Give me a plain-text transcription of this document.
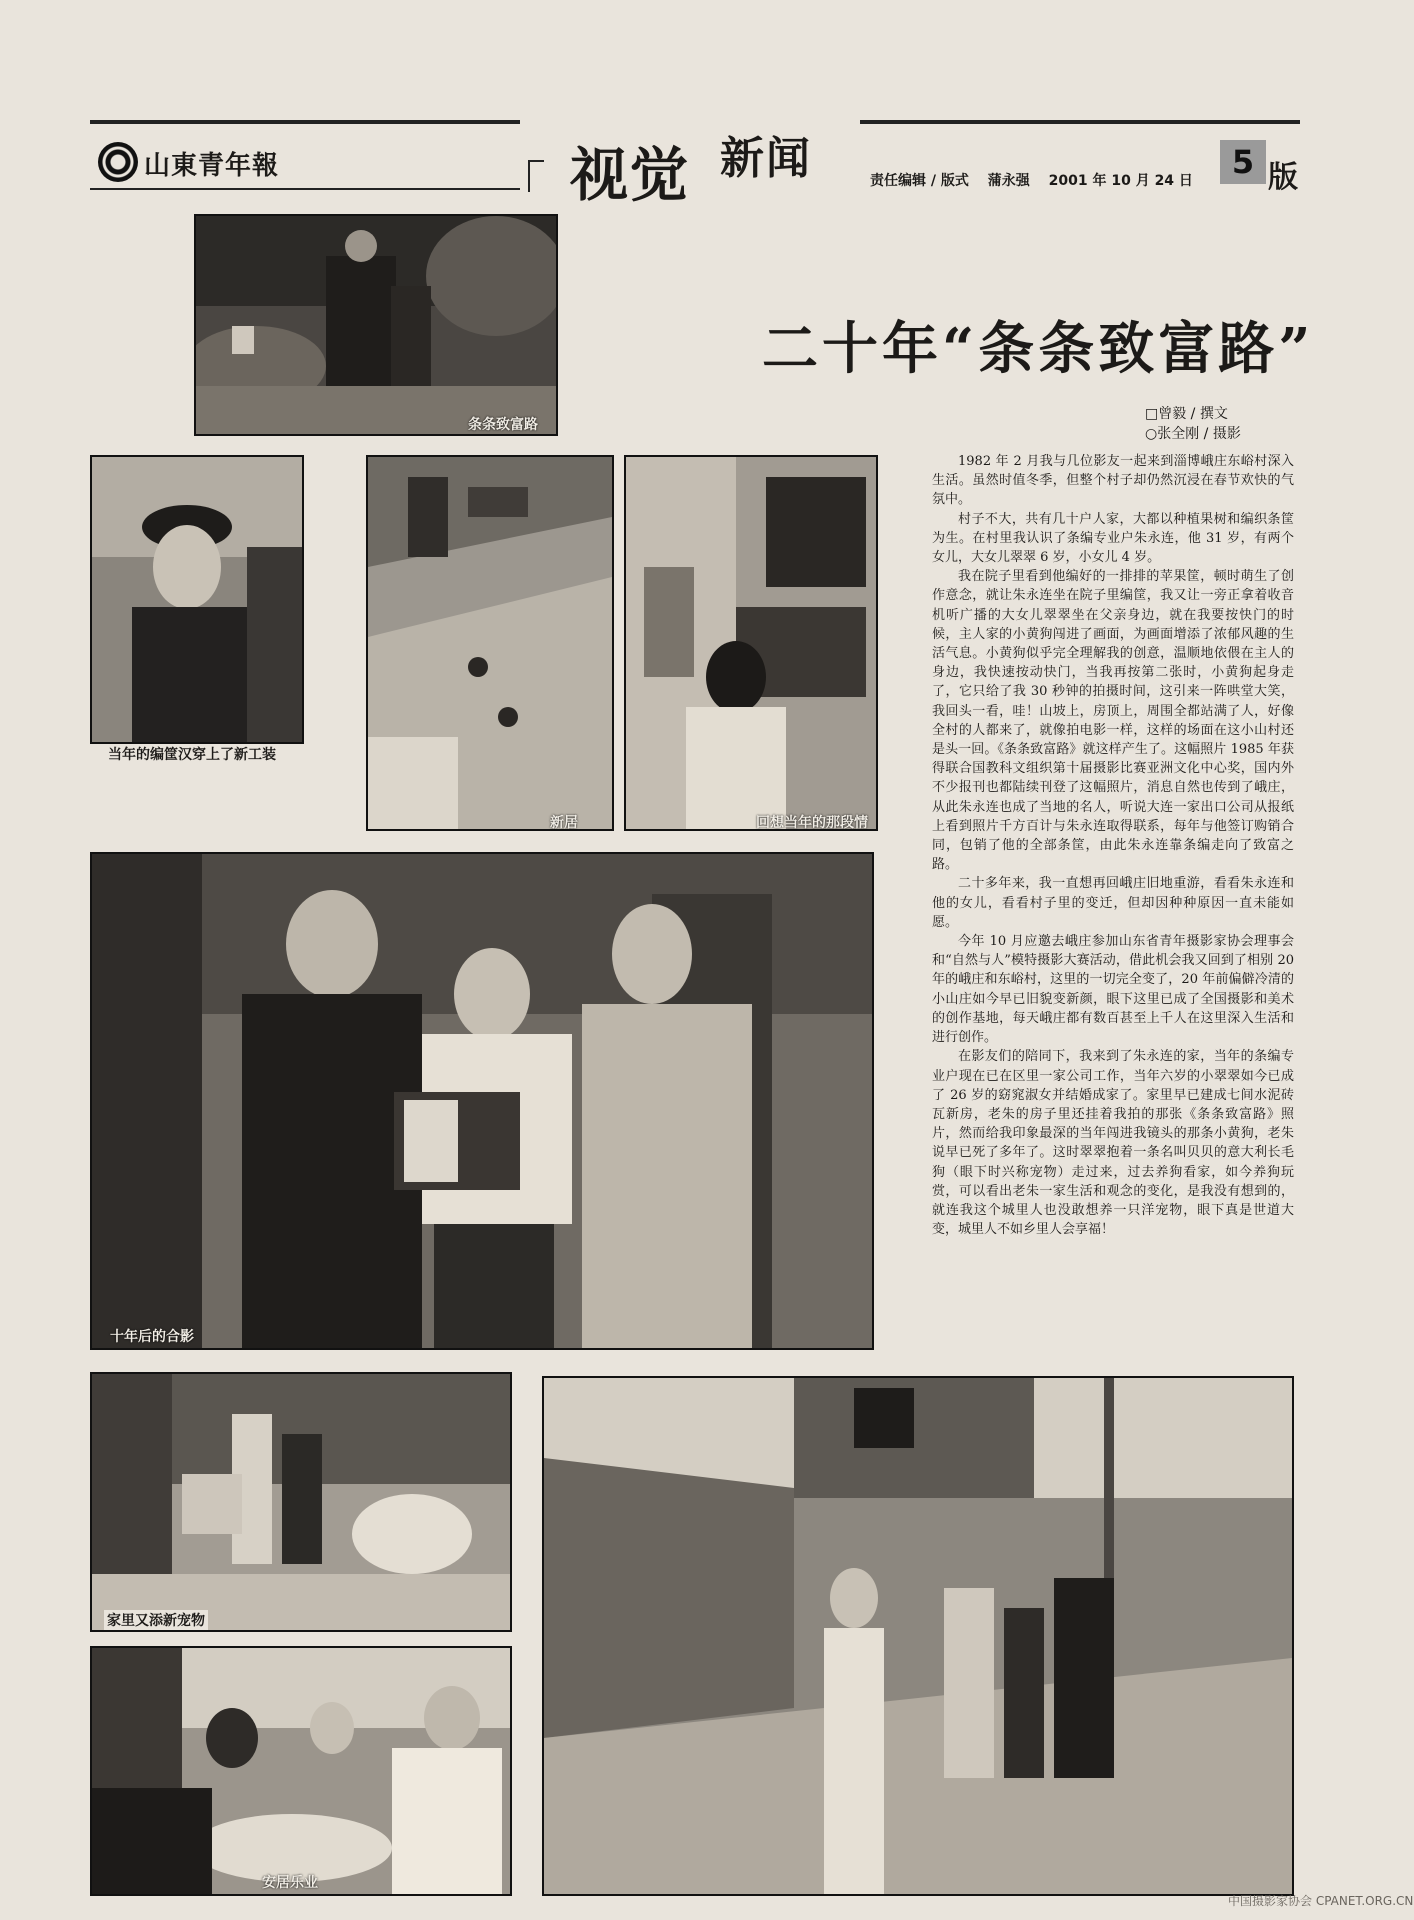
山東青年報	视觉 新闻	责任编辑 / 版式 蒲永强 2001 年 10 月 24 日	5 版
二十年“条条致富路”
□曾毅 / 撰文
○张全刚 / 摄影
条条致富路
当年的编筐汉穿上了新工装
新居	回想当年的那段情
十年后的合影
家里又添新宠物
安居乐业

1982 年 2 月我与几位影友一起来到淄博峨庄东峪村深入生活。虽然时值冬季，但整个村子却仍然沉浸在春节欢快的气氛中。

村子不大，共有几十户人家，大都以种植果树和编织条筐为生。在村里我认识了条编专业户朱永连，他 31 岁，有两个女儿，大女儿翠翠 6 岁，小女儿 4 岁。

我在院子里看到他编好的一排排的苹果筐，顿时萌生了创作意念，就让朱永连坐在院子里编筐，我又让一旁正拿着收音机听广播的大女儿翠翠坐在父亲身边，就在我要按快门的时候，主人家的小黄狗闯进了画面，为画面增添了浓郁风趣的生活气息。小黄狗似乎完全理解我的创意，温顺地依偎在主人的身边，我快速按动快门，当我再按第二张时，小黄狗起身走了，它只给了我 30 秒钟的拍摄时间，这引来一阵哄堂大笑，我回头一看，哇！山坡上，房顶上，周围全都站满了人，好像全村的人都来了，就像拍电影一样，这样的场面在这小山村还是头一回。《条条致富路》就这样产生了。这幅照片 1985 年获得联合国教科文组织第十届摄影比赛亚洲文化中心奖，国内外不少报刊也都陆续刊登了这幅照片，消息自然也传到了峨庄，从此朱永连也成了当地的名人，听说大连一家出口公司从报纸上看到照片千方百计与朱永连取得联系，每年与他签订购销合同，包销了他的全部条筐，由此朱永连靠条编走向了致富之路。

二十多年来，我一直想再回峨庄旧地重游，看看朱永连和他的女儿，看看村子里的变迁，但却因种种原因一直未能如愿。

今年 10 月应邀去峨庄参加山东省青年摄影家协会理事会和“自然与人”模特摄影大赛活动，借此机会我又回到了相别 20 年的峨庄和东峪村，这里的一切完全变了，20 年前偏僻冷清的小山庄如今早已旧貌变新颜，眼下这里已成了全国摄影和美术的创作基地，每天峨庄都有数百甚至上千人在这里深入生活和进行创作。

在影友们的陪同下，我来到了朱永连的家，当年的条编专业户现在已在区里一家公司工作，当年六岁的小翠翠如今已成了 26 岁的窈窕淑女并结婚成家了。家里早已建成七间水泥砖瓦新房，老朱的房子里还挂着我拍的那张《条条致富路》照片，然而给我印象最深的当年闯进我镜头的那条小黄狗，老朱说早已死了多年了。这时翠翠抱着一条名叫贝贝的意大利长毛狗（眼下时兴称宠物）走过来，过去养狗看家，如今养狗玩赏，可以看出老朱一家生活和观念的变化，是我没有想到的，就连我这个城里人也没敢想养一只洋宠物，眼下真是世道大变，城里人不如乡里人会享福！

中国摄影家协会 CPANET.ORG.CN
